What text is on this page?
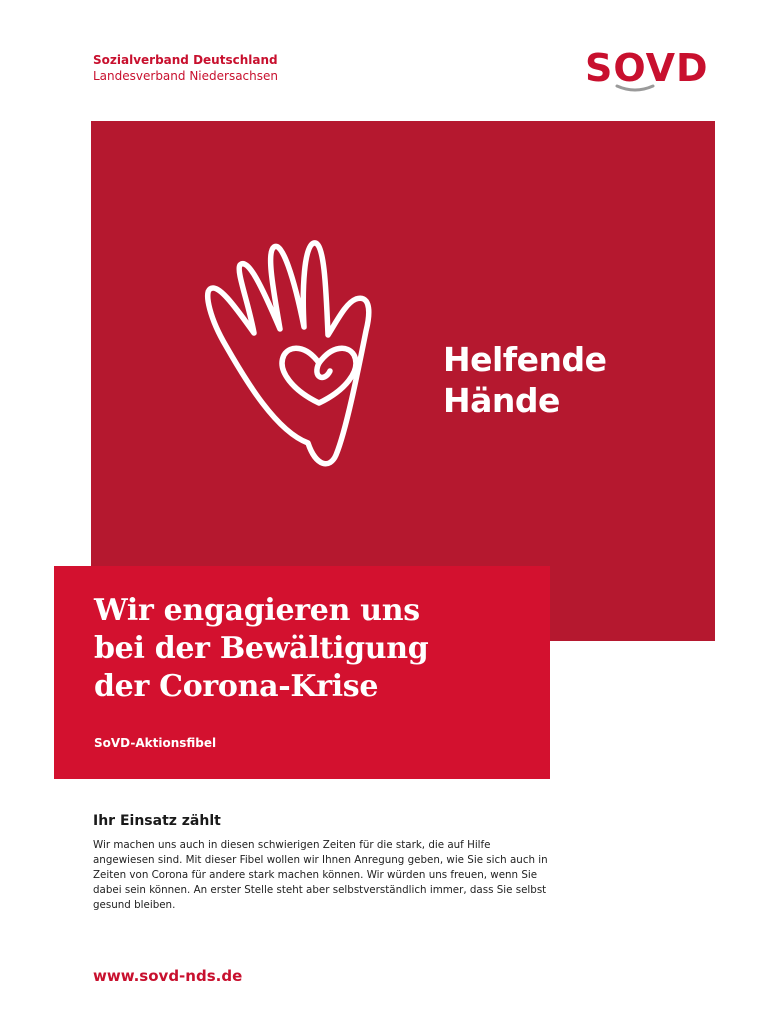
Sozialverband Deutschland
Landesverband Niedersachsen	SOVD
Helfende
Hände
Wir engagieren uns
bei der Bewältigung
der Corona-Krise
SoVD-Aktionsfibel
Ihr Einsatz zählt

Wir machen uns auch in diesen schwierigen Zeiten für die stark, die auf Hilfe angewiesen sind. Mit dieser Fibel wollen wir Ihnen Anregung geben, wie Sie sich auch in Zeiten von Corona für andere stark machen können. Wir würden uns freuen, wenn Sie dabei sein können. An erster Stelle steht aber selbstverständlich immer, dass Sie selbst gesund bleiben.

www.sovd-nds.de
